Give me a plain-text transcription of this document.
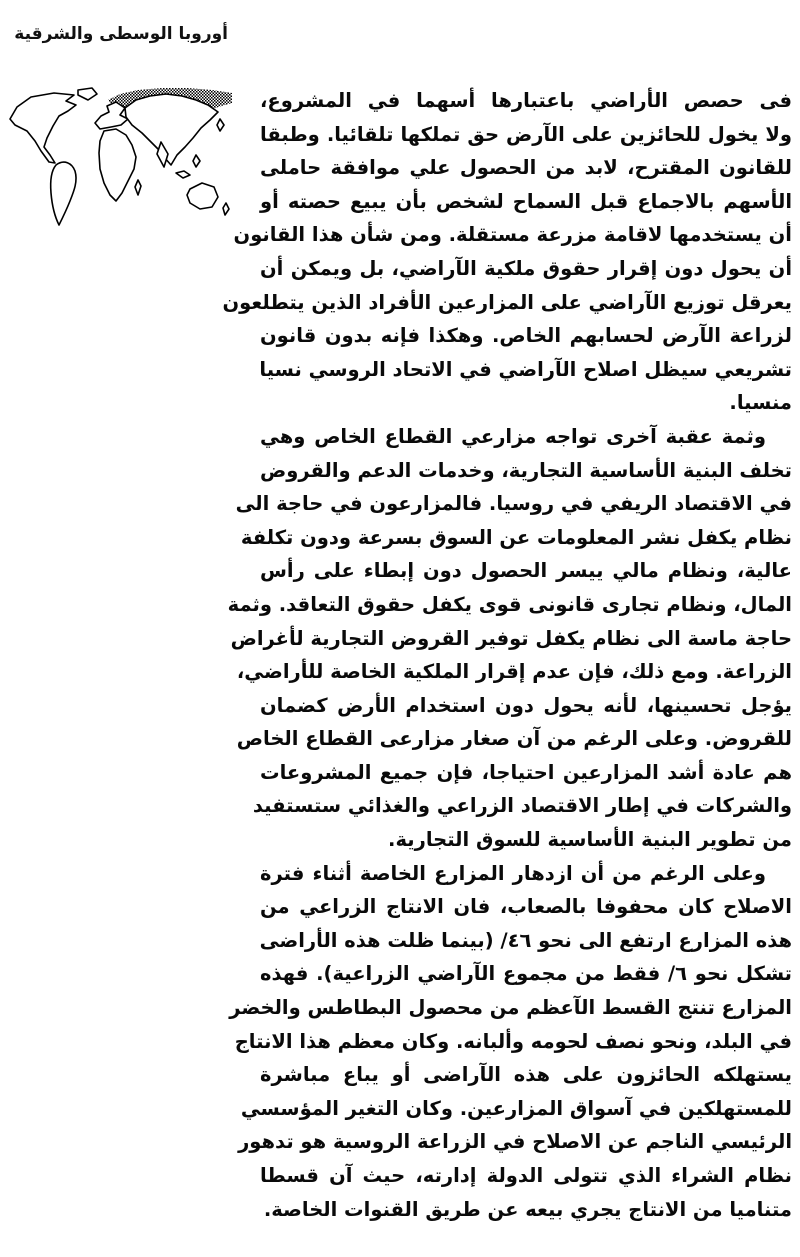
أوروبا الوسطى والشرقية
فى حصص الأراضي باعتبارها أسهما في المشروع،
ولا يخول للحائزين على الآرض حق تملكها تلقائيا. وطبقا
للقانون المقترح، لابد من الحصول علي موافقة حاملى
الأسهم بالاجماع قبل السماح لشخص بأن يبيع حصته أو
أن يستخدمها لاقامة مزرعة مستقلة. ومن شأن هذا القانون
أن يحول دون إقرار حقوق ملكية الآراضي، بل ويمكن أن
يعرقل توزيع الآراضي على المزارعين الأفراد الذين يتطلعون
لزراعة الآرض لحسابهم الخاص. وهكذا فإنه بدون قانون
تشريعي سيظل اصلاح الآراضي في الاتحاد الروسي نسيا
منسيا.
وثمة عقبة آخرى تواجه مزارعي القطاع الخاص وهي
تخلف البنية الأساسية التجارية، وخدمات الدعم والقروض
في الاقتصاد الريفي في روسيا. فالمزارعون في حاجة الى
نظام يكفل نشر المعلومات عن السوق بسرعة ودون تكلفة
عالية، ونظام مالي ييسر الحصول دون إبطاء على رأس
المال، ونظام تجارى قانونى قوى يكفل حقوق التعاقد. وثمة
حاجة ماسة الى نظام يكفل توفير القروض التجارية لأغراض
الزراعة. ومع ذلك، فإن عدم إقرار الملكية الخاصة للأراضي،
يؤجل تحسينها، لأنه يحول دون استخدام الأرض كضمان
للقروض. وعلى الرغم من آن صغار مزارعى القطاع الخاص
هم عادة أشد المزارعين احتياجا، فإن جميع المشروعات
والشركات في إطار الاقتصاد الزراعي والغذائي ستستفيد
من تطوير البنية الأساسية للسوق التجارية.
وعلى الرغم من أن ازدهار المزارع الخاصة أثناء فترة
الاصلاح كان محفوفا بالصعاب، فان الانتاج الزراعي من
هذه المزارع ارتفع الى نحو ٤٦/ (بينما ظلت هذه الأراضى
تشكل نحو ٦/ فقط من مجموع الآراضي الزراعية). فهذه
المزارع تنتج القسط الآعظم من محصول البطاطس والخضر
في البلد، ونحو نصف لحومه وألبانه. وكان معظم هذا الانتاج
يستهلكه الحائزون على هذه الآراضى أو يباع مباشرة
للمستهلكين في آسواق المزارعين. وكان التغير المؤسسي
الرئيسي الناجم عن الاصلاح في الزراعة الروسية هو تدهور
نظام الشراء الذي تتولى الدولة إدارته، حيث آن قسطا
متناميا من الانتاج يجري بيعه عن طريق القنوات الخاصة.
